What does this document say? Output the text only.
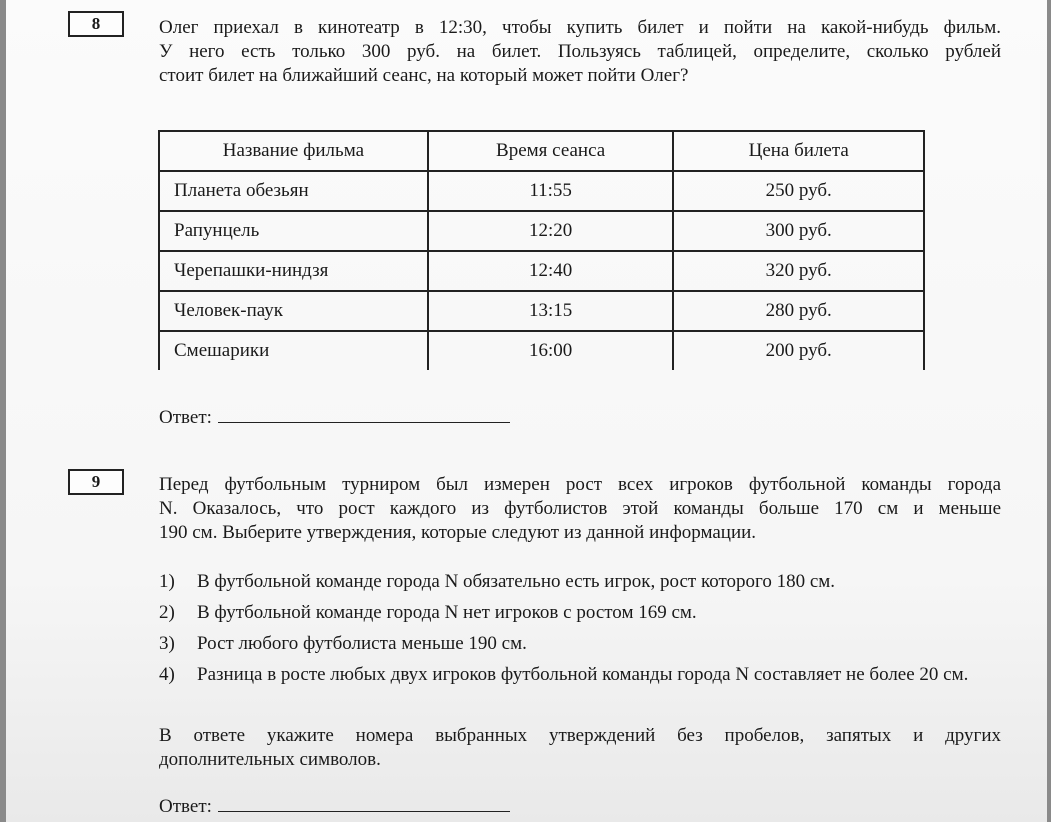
8	Олег приехал в кинотеатр в 12:30, чтобы купить билет и пойти на какой-нибудь фильм.
У него есть только 300 руб. на билет. Пользуясь таблицей, определите, сколько рублей
стоит билет на ближайший сеанс, на который может пойти Олег?
Название фильма	Время сеанса	Цена билета
Планета обезьян	11:55	250 руб.
Рапунцель	12:20	300 руб.
Черепашки-ниндзя	12:40	320 руб.
Человек-паук	13:15	280 руб.
Смешарики	16:00	200 руб.
Ответ:
9	Перед футбольным турниром был измерен рост всех игроков футбольной команды города
N. Оказалось, что рост каждого из футболистов этой команды больше 170 см и меньше
190 см. Выберите утверждения, которые следуют из данной информации.
1)	В футбольной команде города N обязательно есть игрок, рост которого 180 см.
2)	В футбольной команде города N нет игроков с ростом 169 см.
3)	Рост любого футболиста меньше 190 см.
4)	Разница в росте любых двух игроков футбольной команды города N составляет не более 20 см.
В ответе укажите номера выбранных утверждений без пробелов, запятых и других
дополнительных символов.
Ответ:
